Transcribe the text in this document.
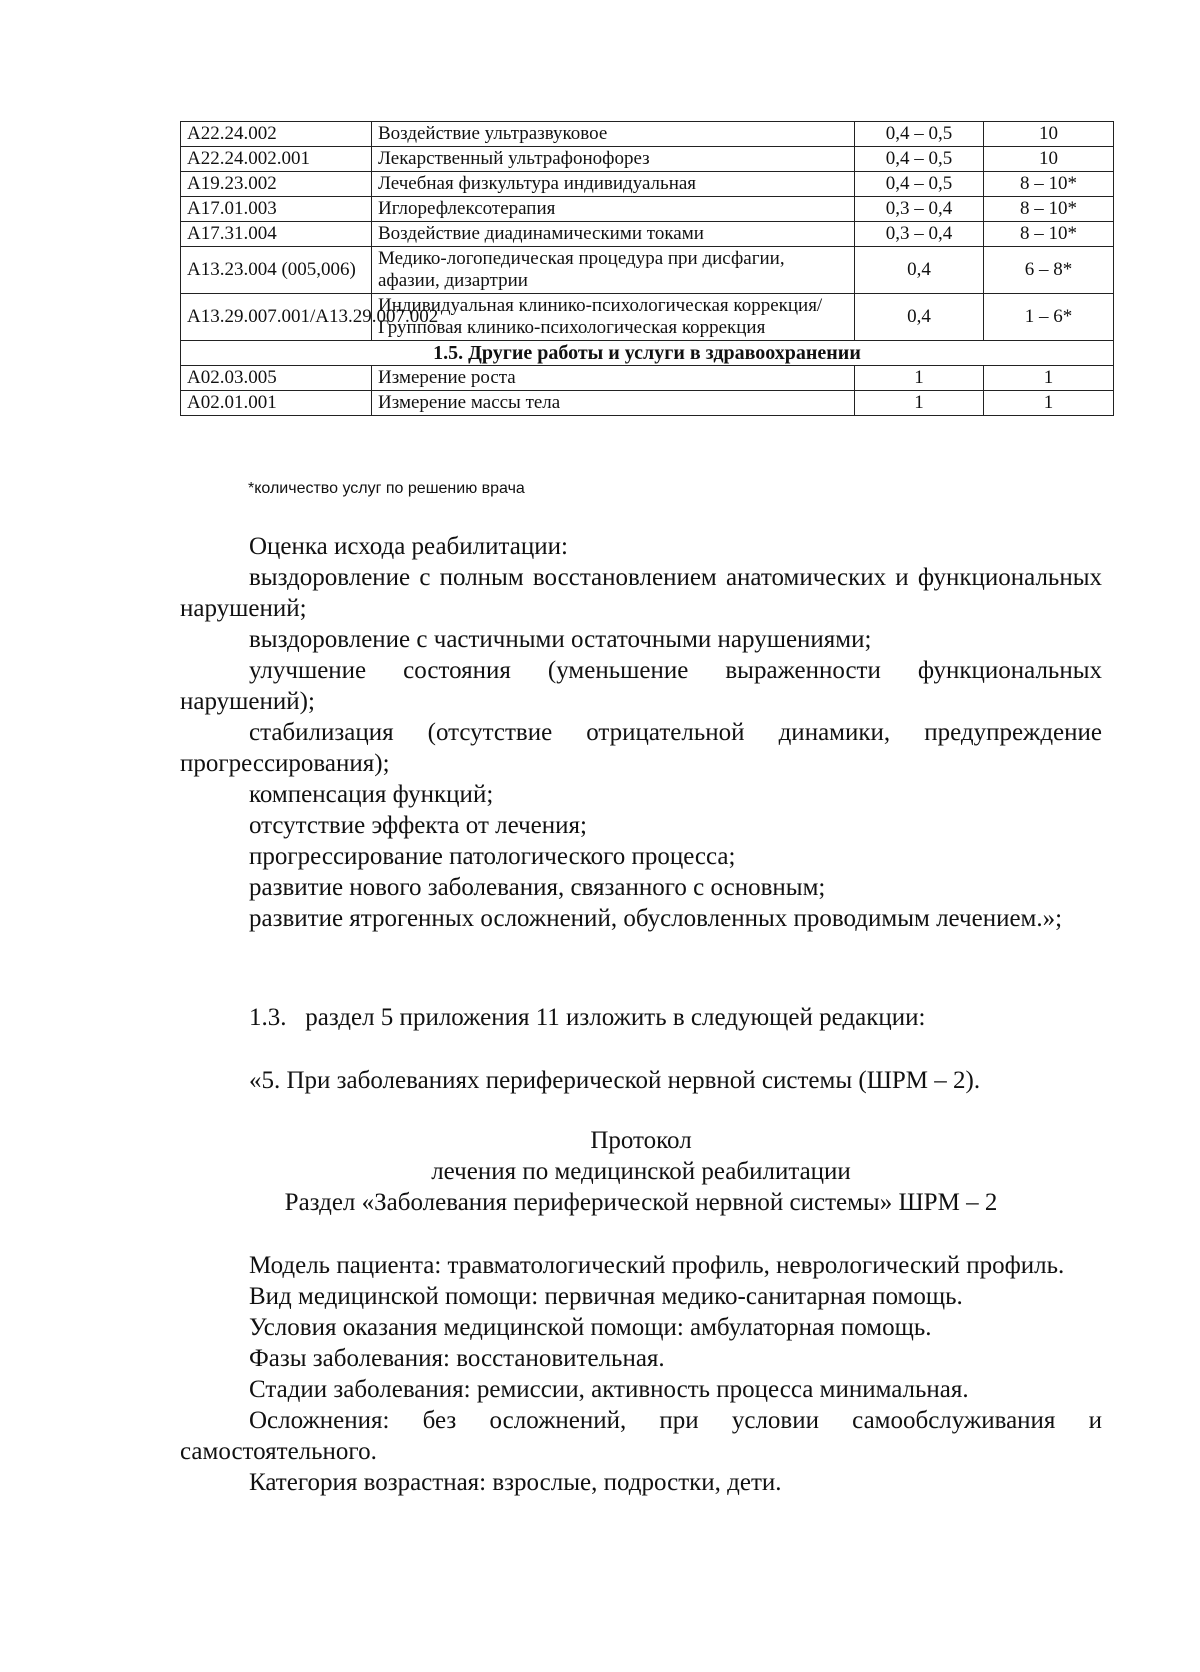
A22.24.002	Воздействие ультразвуковое	0,4 – 0,5	10
A22.24.002.001	Лекарственный ультрафонофорез	0,4 – 0,5	10
A19.23.002	Лечебная физкультура индивидуальная	0,4 – 0,5	8 – 10*
A17.01.003	Иглорефлексотерапия	0,3 – 0,4	8 – 10*
A17.31.004	Воздействие диадинамическими токами	0,3 – 0,4	8 – 10*
A13.23.004 (005,006)	Медико-логопедическая процедура при дисфагии, афазии, дизартрии	0,4	6 – 8*
A13.29.007.001/A13.29.007.002	Индивидуальная клинико-психологическая коррекция/Групповая клинико-психологическая коррекция	0,4	1 – 6*
1.5. Другие работы и услуги в здравоохранении			
A02.03.005	Измерение роста	1	1
A02.01.001	Измерение массы тела	1	1
*количество услуг по решению врача

Оценка исхода реабилитации:

выздоровление с полным восстановлением анатомических и функциональных нарушений;

выздоровление с частичными остаточными нарушениями;

улучшение состояния (уменьшение выраженности функциональных нарушений);

стабилизация (отсутствие отрицательной динамики, предупреждение прогрессирования);

компенсация функций;

отсутствие эффекта от лечения;

прогрессирование патологического процесса;

развитие нового заболевания, связанного с основным;

развитие ятрогенных осложнений, обусловленных проводимым лечением.»;

1.3.   раздел 5 приложения 11 изложить в следующей редакции:

«5. При заболеваниях периферической нервной системы (ШРМ – 2).

Протокол

лечения по медицинской реабилитации

Раздел «Заболевания периферической нервной системы» ШРМ – 2

Модель пациента: травматологический профиль, неврологический профиль.

Вид медицинской помощи: первичная медико-санитарная помощь.

Условия оказания медицинской помощи: амбулаторная помощь.

Фазы заболевания: восстановительная.

Стадии заболевания: ремиссии, активность процесса минимальная.

Осложнения: без осложнений, при условии самообслуживания и самостоятельного.

Категория возрастная: взрослые, подростки, дети.
